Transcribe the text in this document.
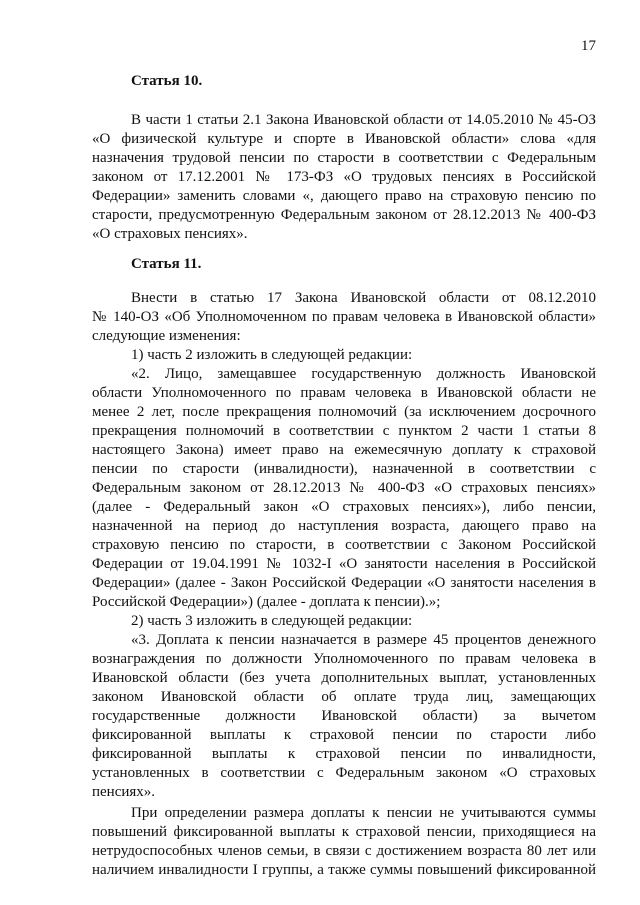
17
Статья 10.
В части 1 статьи 2.1 Закона Ивановской области от 14.05.2010 № 45-ОЗ
«О физической культуре и спорте в Ивановской области» слова «для
назначения трудовой пенсии по старости в соответствии с Федеральным
законом от 17.12.2001 № 173-ФЗ «О трудовых пенсиях в Российской
Федерации» заменить словами «, дающего право на страховую пенсию по
старости, предусмотренную Федеральным законом от 28.12.2013 № 400-ФЗ
«О страховых пенсиях».
Статья 11.
Внести в статью 17 Закона Ивановской области от 08.12.2010
№ 140-ОЗ «Об Уполномоченном по правам человека в Ивановской области»
следующие изменения:
1) часть 2 изложить в следующей редакции:
«2. Лицо, замещавшее государственную должность Ивановской
области Уполномоченного по правам человека в Ивановской области не
менее 2 лет, после прекращения полномочий (за исключением досрочного
прекращения полномочий в соответствии с пунктом 2 части 1 статьи 8
настоящего Закона) имеет право на ежемесячную доплату к страховой
пенсии по старости (инвалидности), назначенной в соответствии с
Федеральным законом от 28.12.2013 № 400-ФЗ «О страховых пенсиях»
(далее - Федеральный закон «О страховых пенсиях»), либо пенсии,
назначенной на период до наступления возраста, дающего право на
страховую пенсию по старости, в соответствии с Законом Российской
Федерации от 19.04.1991 № 1032-I «О занятости населения в Российской
Федерации» (далее - Закон Российской Федерации «О занятости населения в
Российской Федерации») (далее - доплата к пенсии).»;
2) часть 3 изложить в следующей редакции:
«3. Доплата к пенсии назначается в размере 45 процентов денежного
вознаграждения по должности Уполномоченного по правам человека в
Ивановской области (без учета дополнительных выплат, установленных
законом Ивановской области об оплате труда лиц, замещающих
государственные должности Ивановской области) за вычетом
фиксированной выплаты к страховой пенсии по старости либо
фиксированной выплаты к страховой пенсии по инвалидности,
установленных в соответствии с Федеральным законом «О страховых
пенсиях».
При определении размера доплаты к пенсии не учитываются суммы
повышений фиксированной выплаты к страховой пенсии, приходящиеся на
нетрудоспособных членов семьи, в связи с достижением возраста 80 лет или
наличием инвалидности I группы, а также суммы повышений фиксированной
